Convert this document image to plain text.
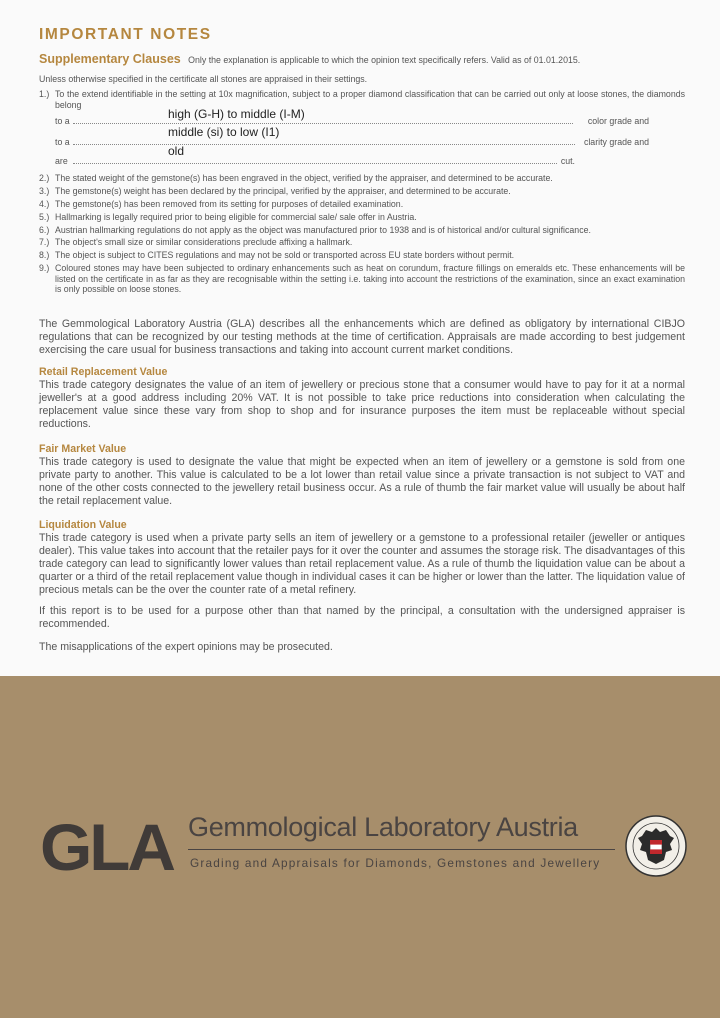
IMPORTANT NOTES
Supplementary Clauses Only the explanation is applicable to which the opinion text specifically refers. Valid as of 01.01.2015.
Unless otherwise specified in the certificate all stones are appraised in their settings.
1.) To the extend identifiable in the setting at 10x magnification, subject to a proper diamond classification that can be carried out only at loose stones, the diamonds belong
to a	color grade and
high (G-H) to middle (I-M)
to a	clarity grade and
middle (si) to low (I1)
are	cut.
old
2.) The stated weight of the gemstone(s) has been engraved in the object, verified by the appraiser, and determined to be accurate.
3.) The gemstone(s) weight has been declared by the principal, verified by the appraiser, and determined to be accurate.
4.) The gemstone(s) has been removed from its setting for purposes of detailed examination.
5.) Hallmarking is legally required prior to being eligible for commercial sale/ sale offer in Austria.
6.) Austrian hallmarking regulations do not apply as the object was manufactured prior to 1938 and is of historical and/or cultural significance.
7.) The object's small size or similar considerations preclude affixing a hallmark.
8.) The object is subject to CITES regulations and may not be sold or transported across EU state borders without permit.
9.) Coloured stones may have been subjected to ordinary enhancements such as heat on corundum, fracture fillings on emeralds etc. These enhancements will be listed on the certificate in as far as they are recognisable within the setting i.e. taking into account the restrictions of the examination, since an exact examination is only possible on loose stones.

The Gemmological Laboratory Austria (GLA) describes all the enhancements which are defined as obligatory by international CIBJO regulations that can be recognized by our testing methods at the time of certification. Appraisals are made according to best judgement exercising the care usual for business transactions and taking into account current market conditions.

Retail Replacement Value

This trade category designates the value of an item of jewellery or precious stone that a consumer would have to pay for it at a normal jeweller's at a good address including 20% VAT. It is not possible to take price reductions into consideration when calculating the replacement value since these vary from shop to shop and for insurance purposes the item must be replaceable without special reductions.

Fair Market Value

This trade category is used to designate the value that might be expected when an item of jewellery or a gemstone is sold from one private party to another. This value is calculated to be a lot lower than retail value since a private transaction is not subject to VAT and none of the other costs connected to the jewellery retail business occur. As a rule of thumb the fair market value will usually be about half the retail replacement value.

Liquidation Value

This trade category is used when a private party sells an item of jewellery or a gemstone to a professional retailer (jeweller or antiques dealer). This value takes into account that the retailer pays for it over the counter and assumes the storage risk. The disadvantages of this trade category can lead to significantly lower values than retail replacement value. As a rule of thumb the liquidation value can be about a quarter or a third of the retail replacement value though in individual cases it can be higher or lower than the latter. The liquidation value of precious metals can be the over the counter rate of a metal refinery.

If this report is to be used for a purpose other than that named by the principal, a consultation with the undersigned appraiser is recommended.

The misapplications of the expert opinions may be prosecuted.

GLA Gemmological Laboratory Austria
Grading and Appraisals for Diamonds, Gemstones and Jewellery
